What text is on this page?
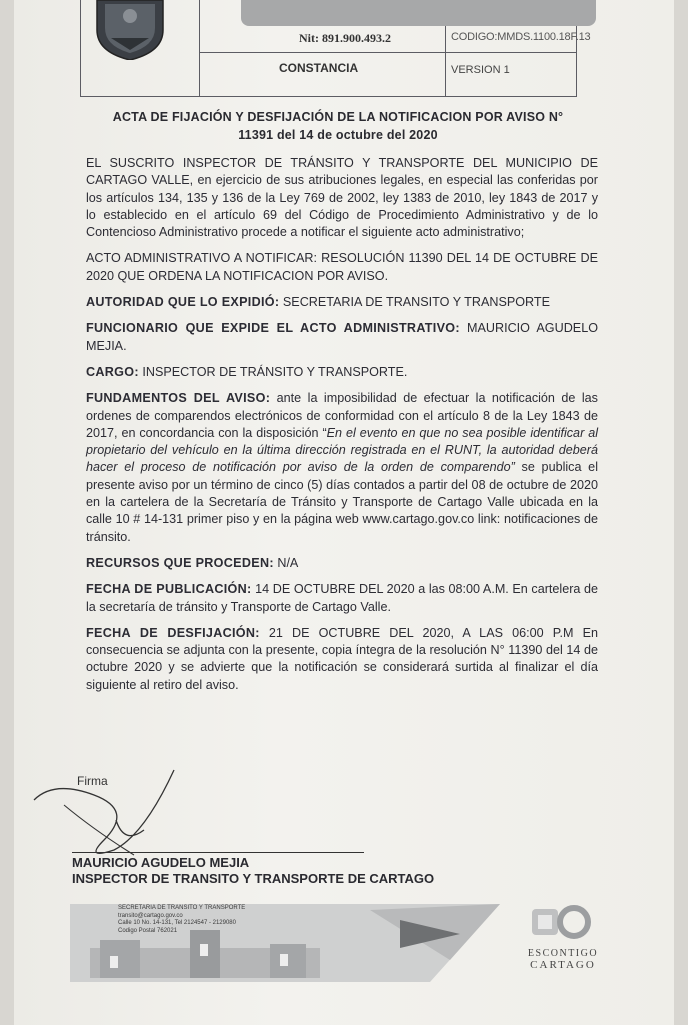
Nit: 891.900.493.2	CODIGO:MMDS.1100.18F.13
CONSTANCIA	VERSION 1
ACTA DE FIJACIÓN Y DESFIJACIÓN DE LA NOTIFICACION POR AVISO N°
11391 del 14 de octubre del 2020

EL SUSCRITO INSPECTOR DE TRÁNSITO Y TRANSPORTE DEL MUNICIPIO DE CARTAGO VALLE, en ejercicio de sus atribuciones legales, en especial las conferidas por los artículos 134, 135 y 136 de la Ley 769 de 2002, ley 1383 de 2010, ley 1843 de 2017 y lo establecido en el artículo 69 del Código de Procedimiento Administrativo y de lo Contencioso Administrativo procede a notificar el siguiente acto administrativo;

ACTO ADMINISTRATIVO A NOTIFICAR: RESOLUCIÓN 11390 DEL 14 DE OCTUBRE DE 2020 QUE ORDENA LA NOTIFICACION POR AVISO.

AUTORIDAD QUE LO EXPIDIÓ: SECRETARIA DE TRANSITO Y TRANSPORTE

FUNCIONARIO QUE EXPIDE EL ACTO ADMINISTRATIVO: MAURICIO AGUDELO MEJIA.

CARGO: INSPECTOR DE TRÁNSITO Y TRANSPORTE.

FUNDAMENTOS DEL AVISO: ante la imposibilidad de efectuar la notificación de las ordenes de comparendos electrónicos de conformidad con el artículo 8 de la Ley 1843 de 2017, en concordancia con la disposición “En el evento en que no sea posible identificar al propietario del vehículo en la última dirección registrada en el RUNT, la autoridad deberá hacer el proceso de notificación por aviso de la orden de comparendo” se publica el presente aviso por un término de cinco (5) días contados a partir del 08 de octubre de 2020 en la cartelera de la Secretaría de Tránsito y Transporte de Cartago Valle ubicada en la calle 10 # 14-131 primer piso y en la página web www.cartago.gov.co link: notificaciones de tránsito.

RECURSOS QUE PROCEDEN: N/A

FECHA DE PUBLICACIÓN: 14 DE OCTUBRE DEL 2020 a las 08:00 A.M. En cartelera de la secretaría de tránsito y Transporte de Cartago Valle.

FECHA DE DESFIJACIÓN: 21 DE OCTUBRE DEL 2020, A LAS 06:00 P.M En consecuencia se adjunta con la presente, copia íntegra de la resolución N° 11390 del 14 de octubre 2020 y se advierte que la notificación se considerará surtida al finalizar el día siguiente al retiro del aviso.

Firma
MAURICIO AGUDELO MEJIA
INSPECTOR DE TRANSITO Y TRANSPORTE DE CARTAGO
SECRETARIA DE TRANSITO Y TRANSPORTE
transito@cartago.gov.co
Calle 10 No. 14-131, Tel 2124547 - 2129080
Codigo Postal 762021
ESCONTIGO
CARTAGO
